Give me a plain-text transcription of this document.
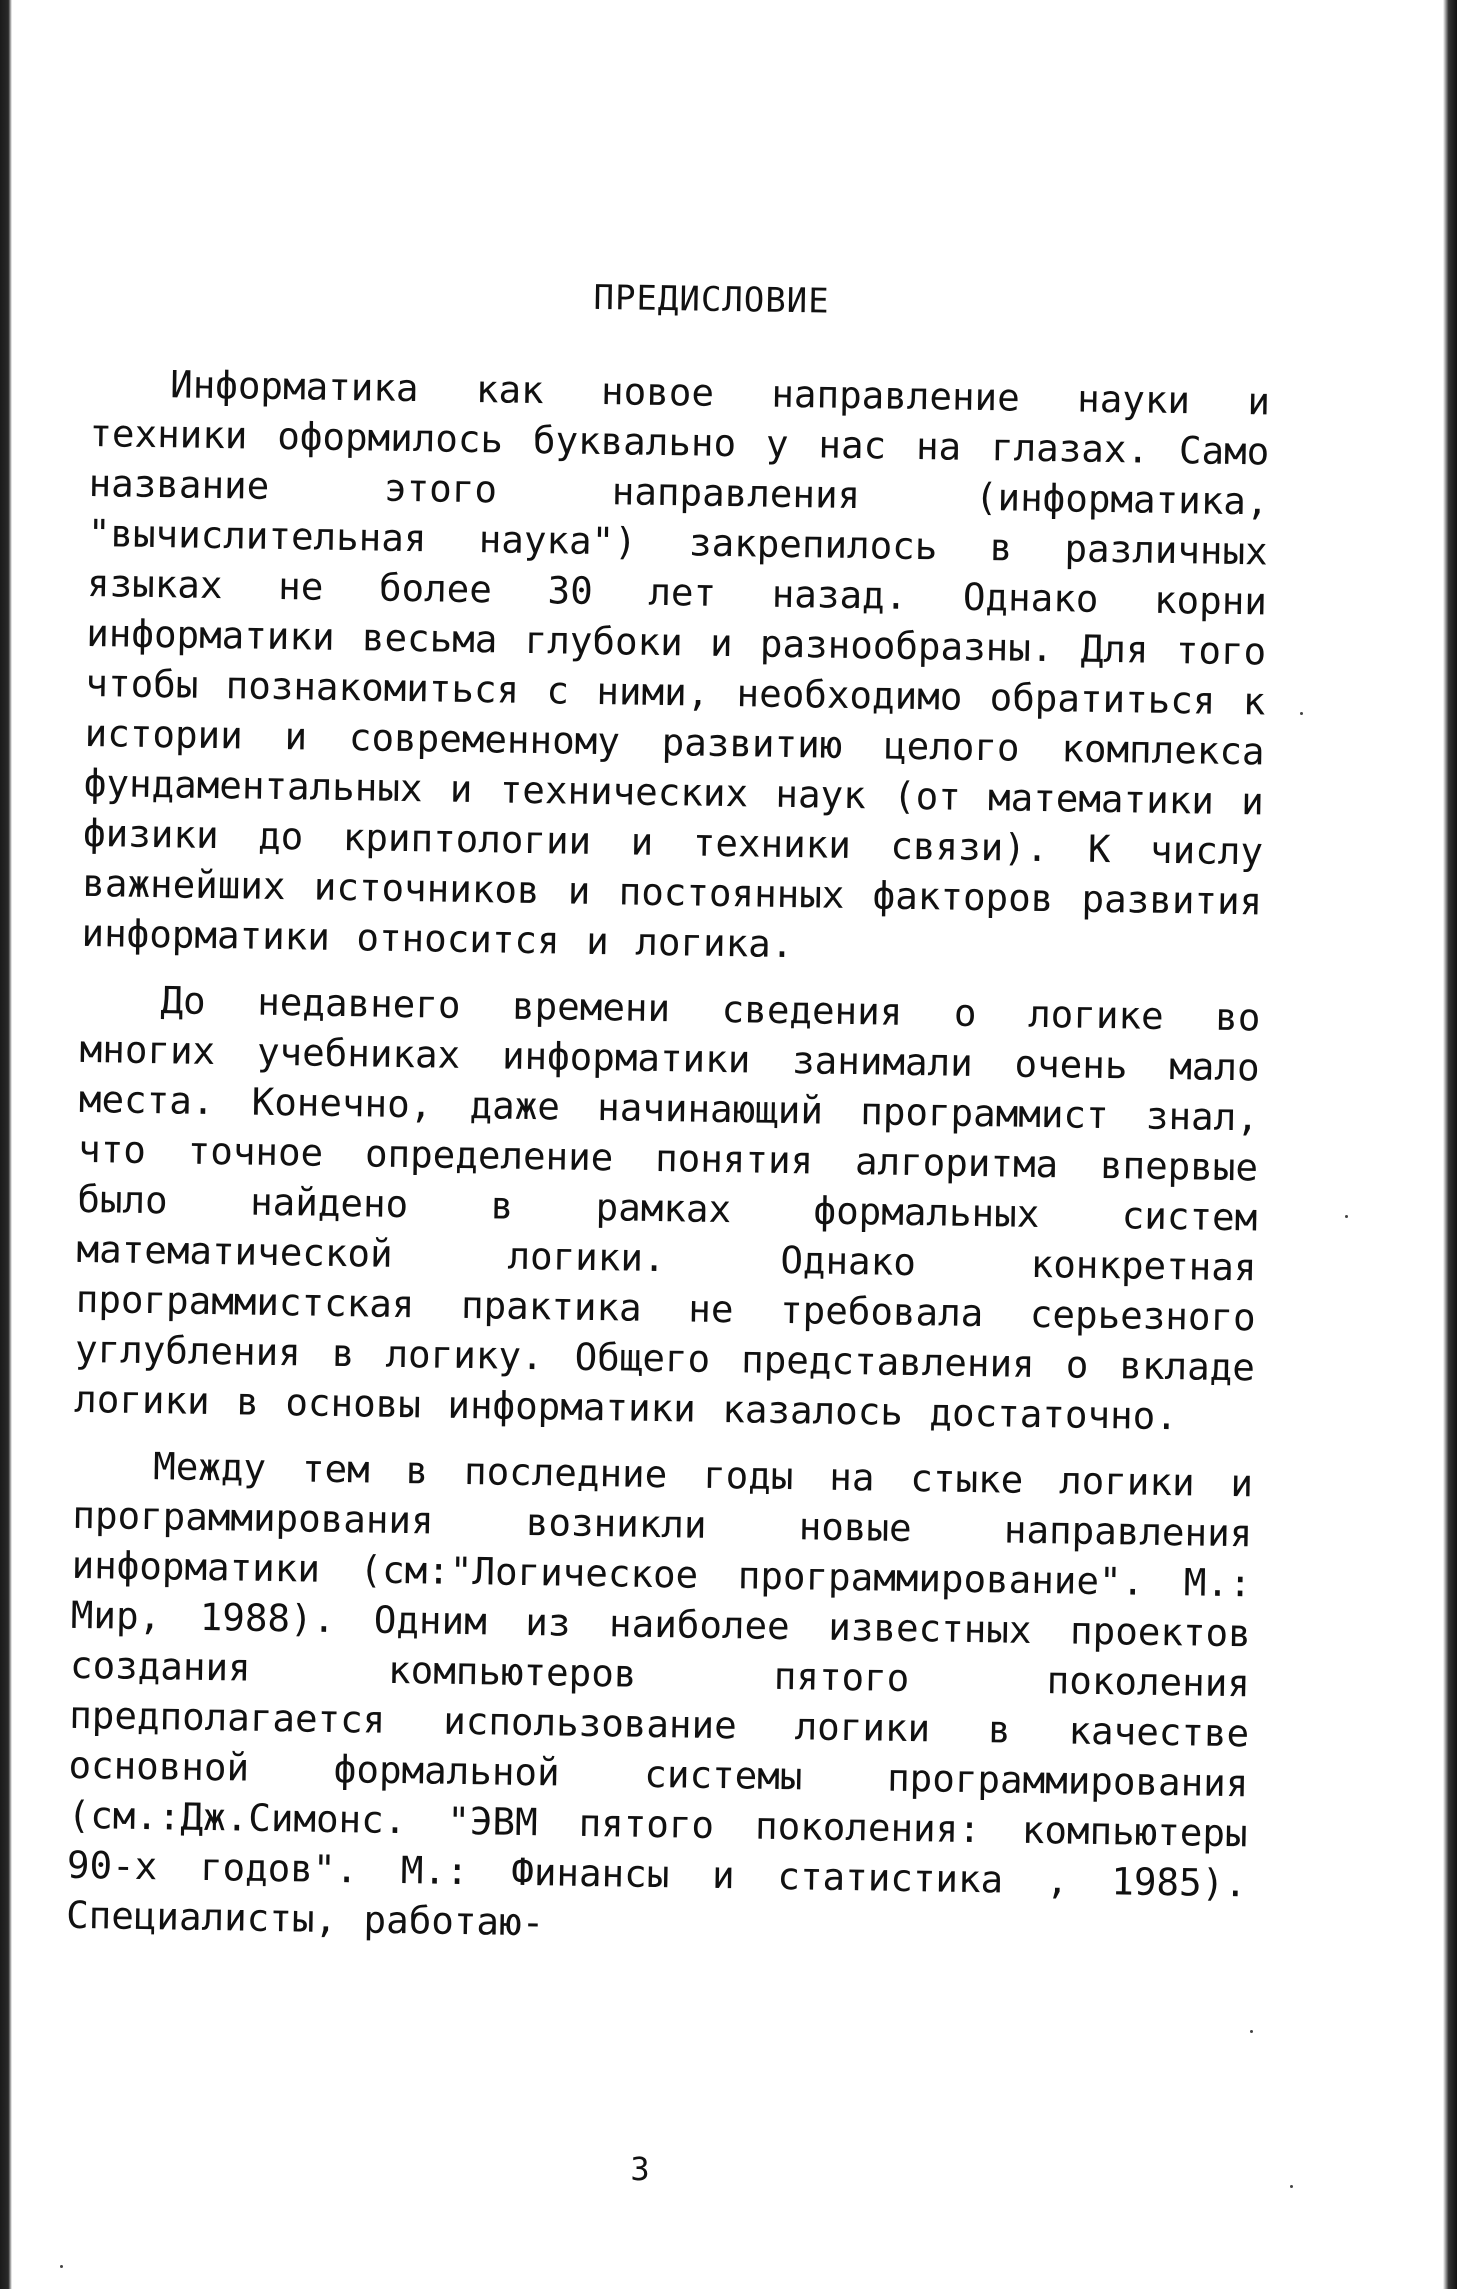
ПРЕДИСЛОВИЕ

Информатика как новое направление науки и техники оформилось буквально у нас на глазах. Само название этого направления (информатика, "вычислительная наука") закрепилось в различных языках не более 30 лет назад. Однако корни информатики весьма глубоки и разнообразны. Для того чтобы познакомиться с ними, необходимо обратиться к истории и современному развитию целого комплекса фундаментальных и технических наук (от математики и физики до криптологии и техники связи). К числу важнейших источников и постоянных факторов развития информатики относится и логика.

До недавнего времени сведения о логике во многих учебниках информатики занимали очень мало места. Конечно, даже начинающий программист знал, что точное определение понятия алгоритма впервые было найдено в рамках формальных систем математической логики. Однако конкретная программистская практика не требовала серьезного углубления в логику. Общего представления о вкладе логики в основы информатики казалось достаточно.

Между тем в последние годы на стыке логики и программирования возникли новые направления информатики (см:"Логическое программирование". М.: Мир, 1988). Одним из наиболее известных проектов создания компьютеров пятого поколения предполагается использование логики в качестве основной формальной системы программирования (см.:Дж.Симонс. "ЭВМ пятого поколения: компьютеры 90-х годов". М.: Финансы и статистика , 1985). Специалисты, работаю-

3
